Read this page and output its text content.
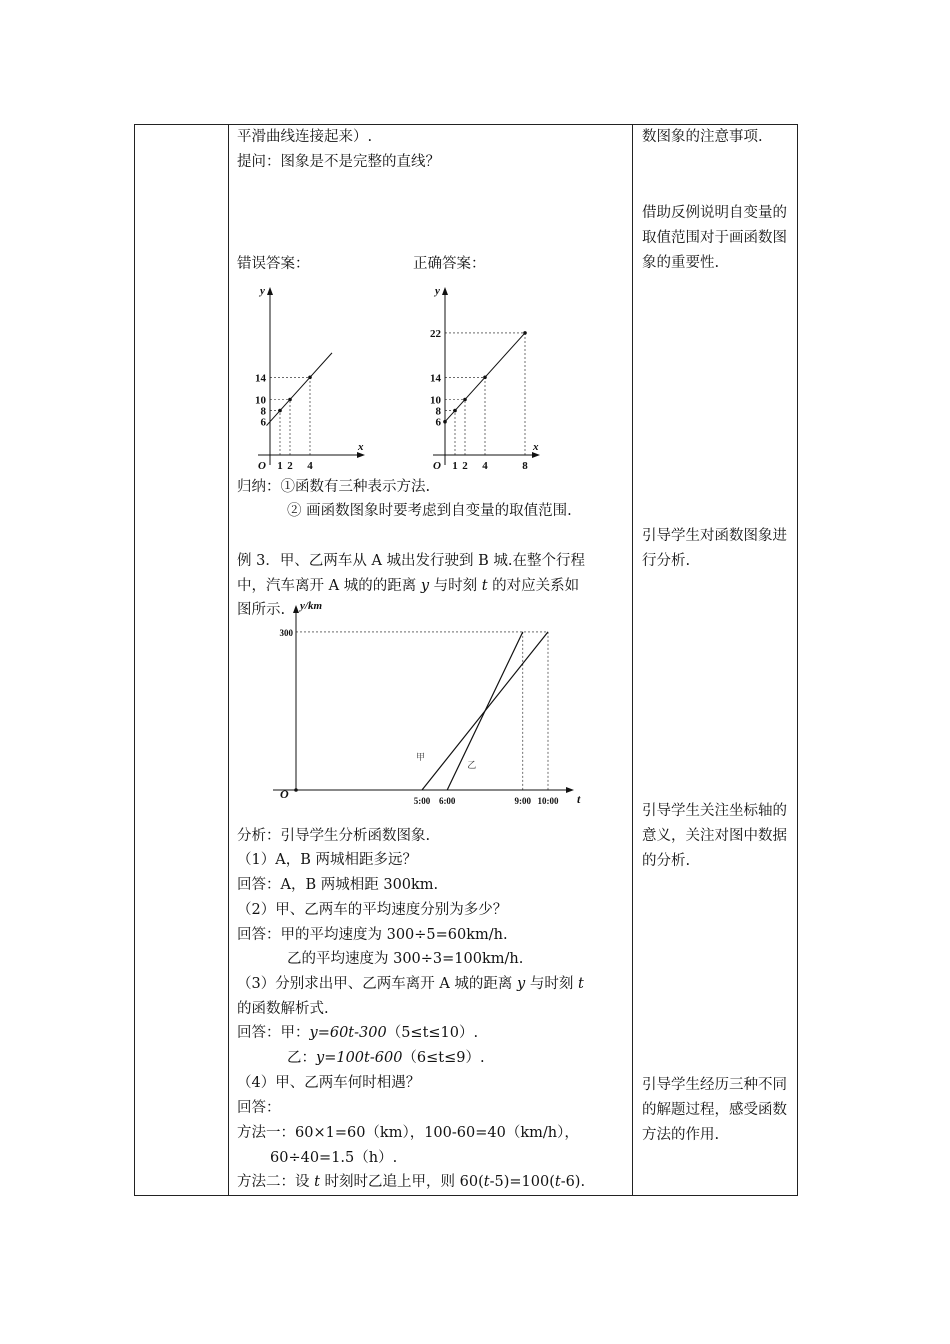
平滑曲线连接起来）.
提问：图象是不是完整的直线？
错误答案：	正确答案：
y
x
O
6
8
10
14
1 2 4
y
x
O
6
8
10
14
22
1 2 4	8
归纳：①函数有三种表示方法.
② 画函数图象时要考虑到自变量的取值范围.
例 3．甲、乙两车从 A 城出发行驶到 B 城.在整个行程
中，汽车离开 A 城的的距离 y 与时刻 t 的对应关系如
图所示. y/km
t
O
300
甲
乙
5:00 6:00	9:00 10:00
分析：引导学生分析函数图象.
（1）A，B 两城相距多远？
回答：A，B 两城相距 300km.
（2）甲、乙两车的平均速度分别为多少？
回答：甲的平均速度为 300÷5=60km/h.
乙的平均速度为 300÷3=100km/h.
（3）分别求出甲、乙两车离开 A 城的距离 y 与时刻 t
的函数解析式.
回答：甲：y=60t-300（5≤t≤10）.
乙：y=100t-600（6≤t≤9）.
（4）甲、乙两车何时相遇？
回答：
方法一：60×1=60（km），100-60=40（km/h），
60÷40=1.5（h）.
方法二：设 t 时刻时乙追上甲，则 60(t-5)=100(t-6).
数图象的注意事项.
借助反例说明自变量的取值范围对于画函数图象的重要性.
引导学生对函数图象进行分析.
引导学生关注坐标轴的意义，关注对图中数据的分析.
引导学生经历三种不同的解题过程，感受函数方法的作用.
